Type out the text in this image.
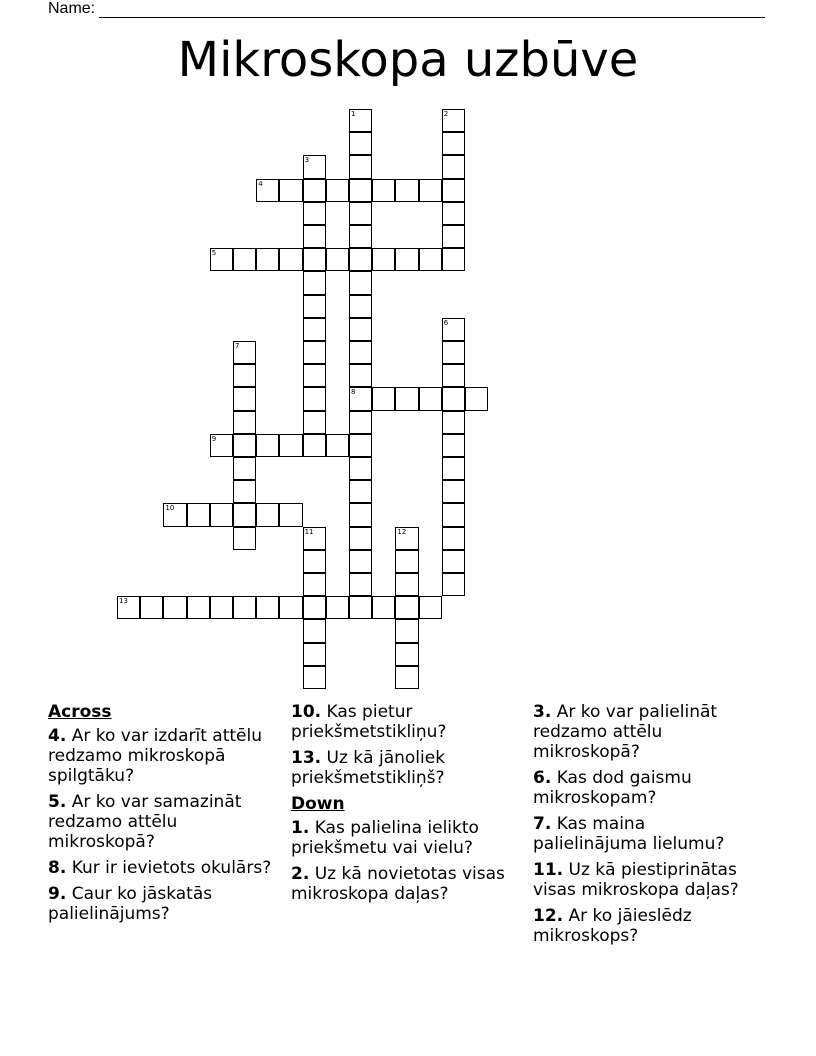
Name:
Mikroskopa uzbūve
1
8
2
3
4
5
6
7
9
10
11	12
13
Across
4. Ar ko var izdarīt attēlu redzamo mikroskopā spilgtāku?
5. Ar ko var samazināt redzamo attēlu mikroskopā?
8. Kur ir ievietots okulārs?
9. Caur ko jāskatās palielinājums?
10. Kas pietur priekšmetstikliņu?
13. Uz kā jānoliek priekšmetstikliņš?
Down
1. Kas palielina ielikto priekšmetu vai vielu?
2. Uz kā novietotas visas mikroskopa daļas?
3. Ar ko var palielināt redzamo attēlu mikroskopā?
6. Kas dod gaismu mikroskopam?
7. Kas maina palielinājuma lielumu?
11. Uz kā piestiprinātas visas mikroskopa daļas?
12. Ar ko jāieslēdz mikroskops?
